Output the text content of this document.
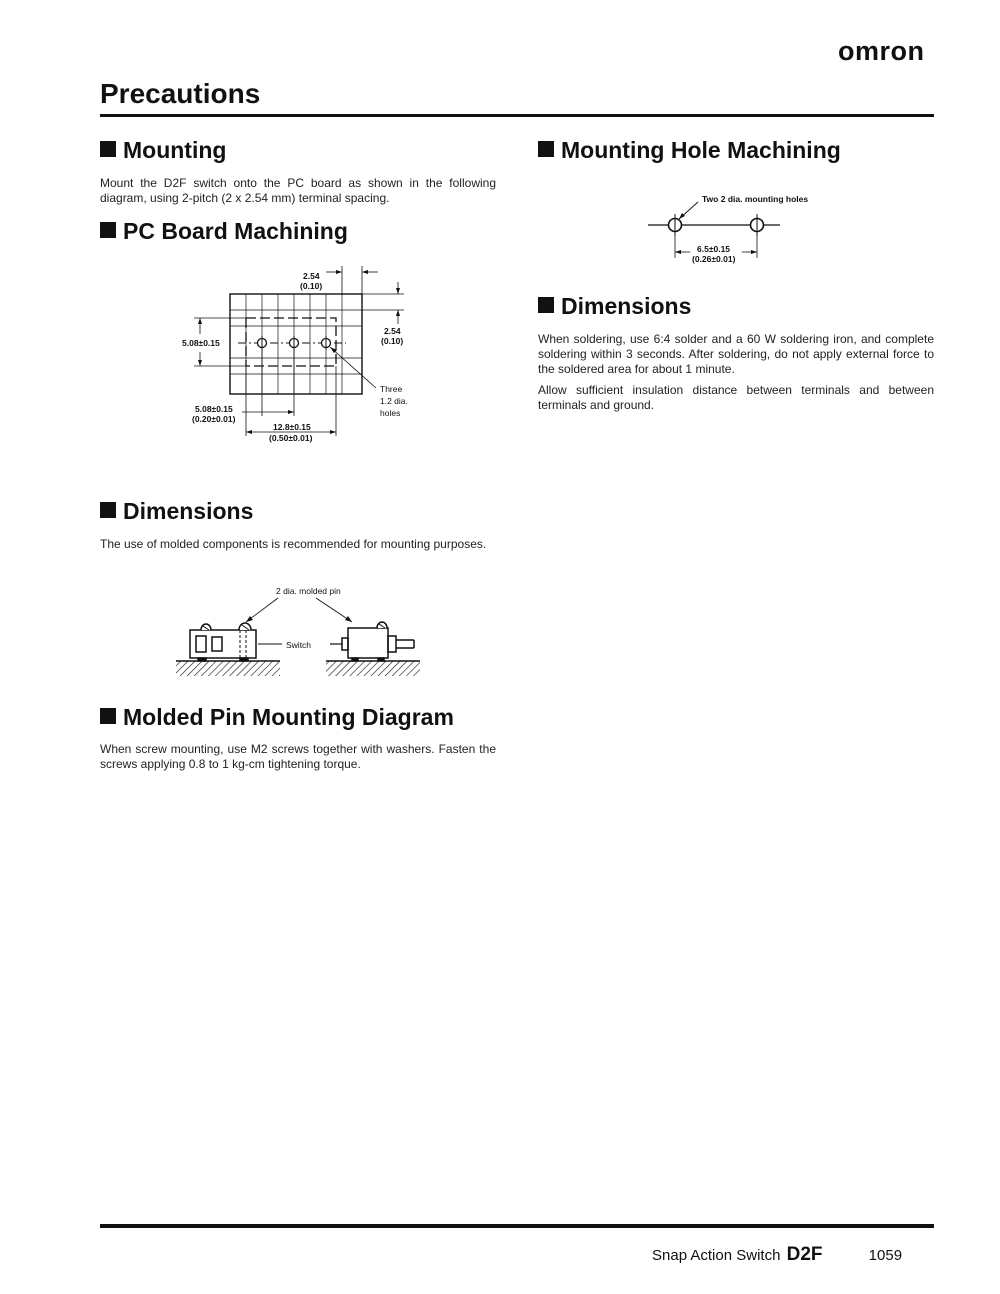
omron
Precautions
Mounting

Mount the D2F switch onto the PC board as shown in the following diagram, using 2-pitch (2 x 2.54 mm) terminal spacing.

PC Board Machining
2.54
(0.10)
2.54
(0.10)
5.08±0.15
5.08±0.15
(0.20±0.01)
12.8±0.15
(0.50±0.01)
Three
1.2 dia.
holes
Dimensions

The use of molded components is recommended for mounting purposes.

2 dia. molded pin
Switch
Molded Pin Mounting Diagram

When screw mounting, use M2 screws together with washers. Fasten the screws applying 0.8 to 1 kg-cm tightening torque.

Mounting Hole Machining
Two 2 dia. mounting holes
6.5±0.15
(0.26±0.01)
Dimensions

When soldering, use 6:4 solder and a 60 W soldering iron, and complete soldering within 3 seconds. After soldering, do not apply external force to the soldered area for about 1 minute.

Allow sufficient insulation distance between terminals and between terminals and ground.

Snap Action Switch D2F	1059
